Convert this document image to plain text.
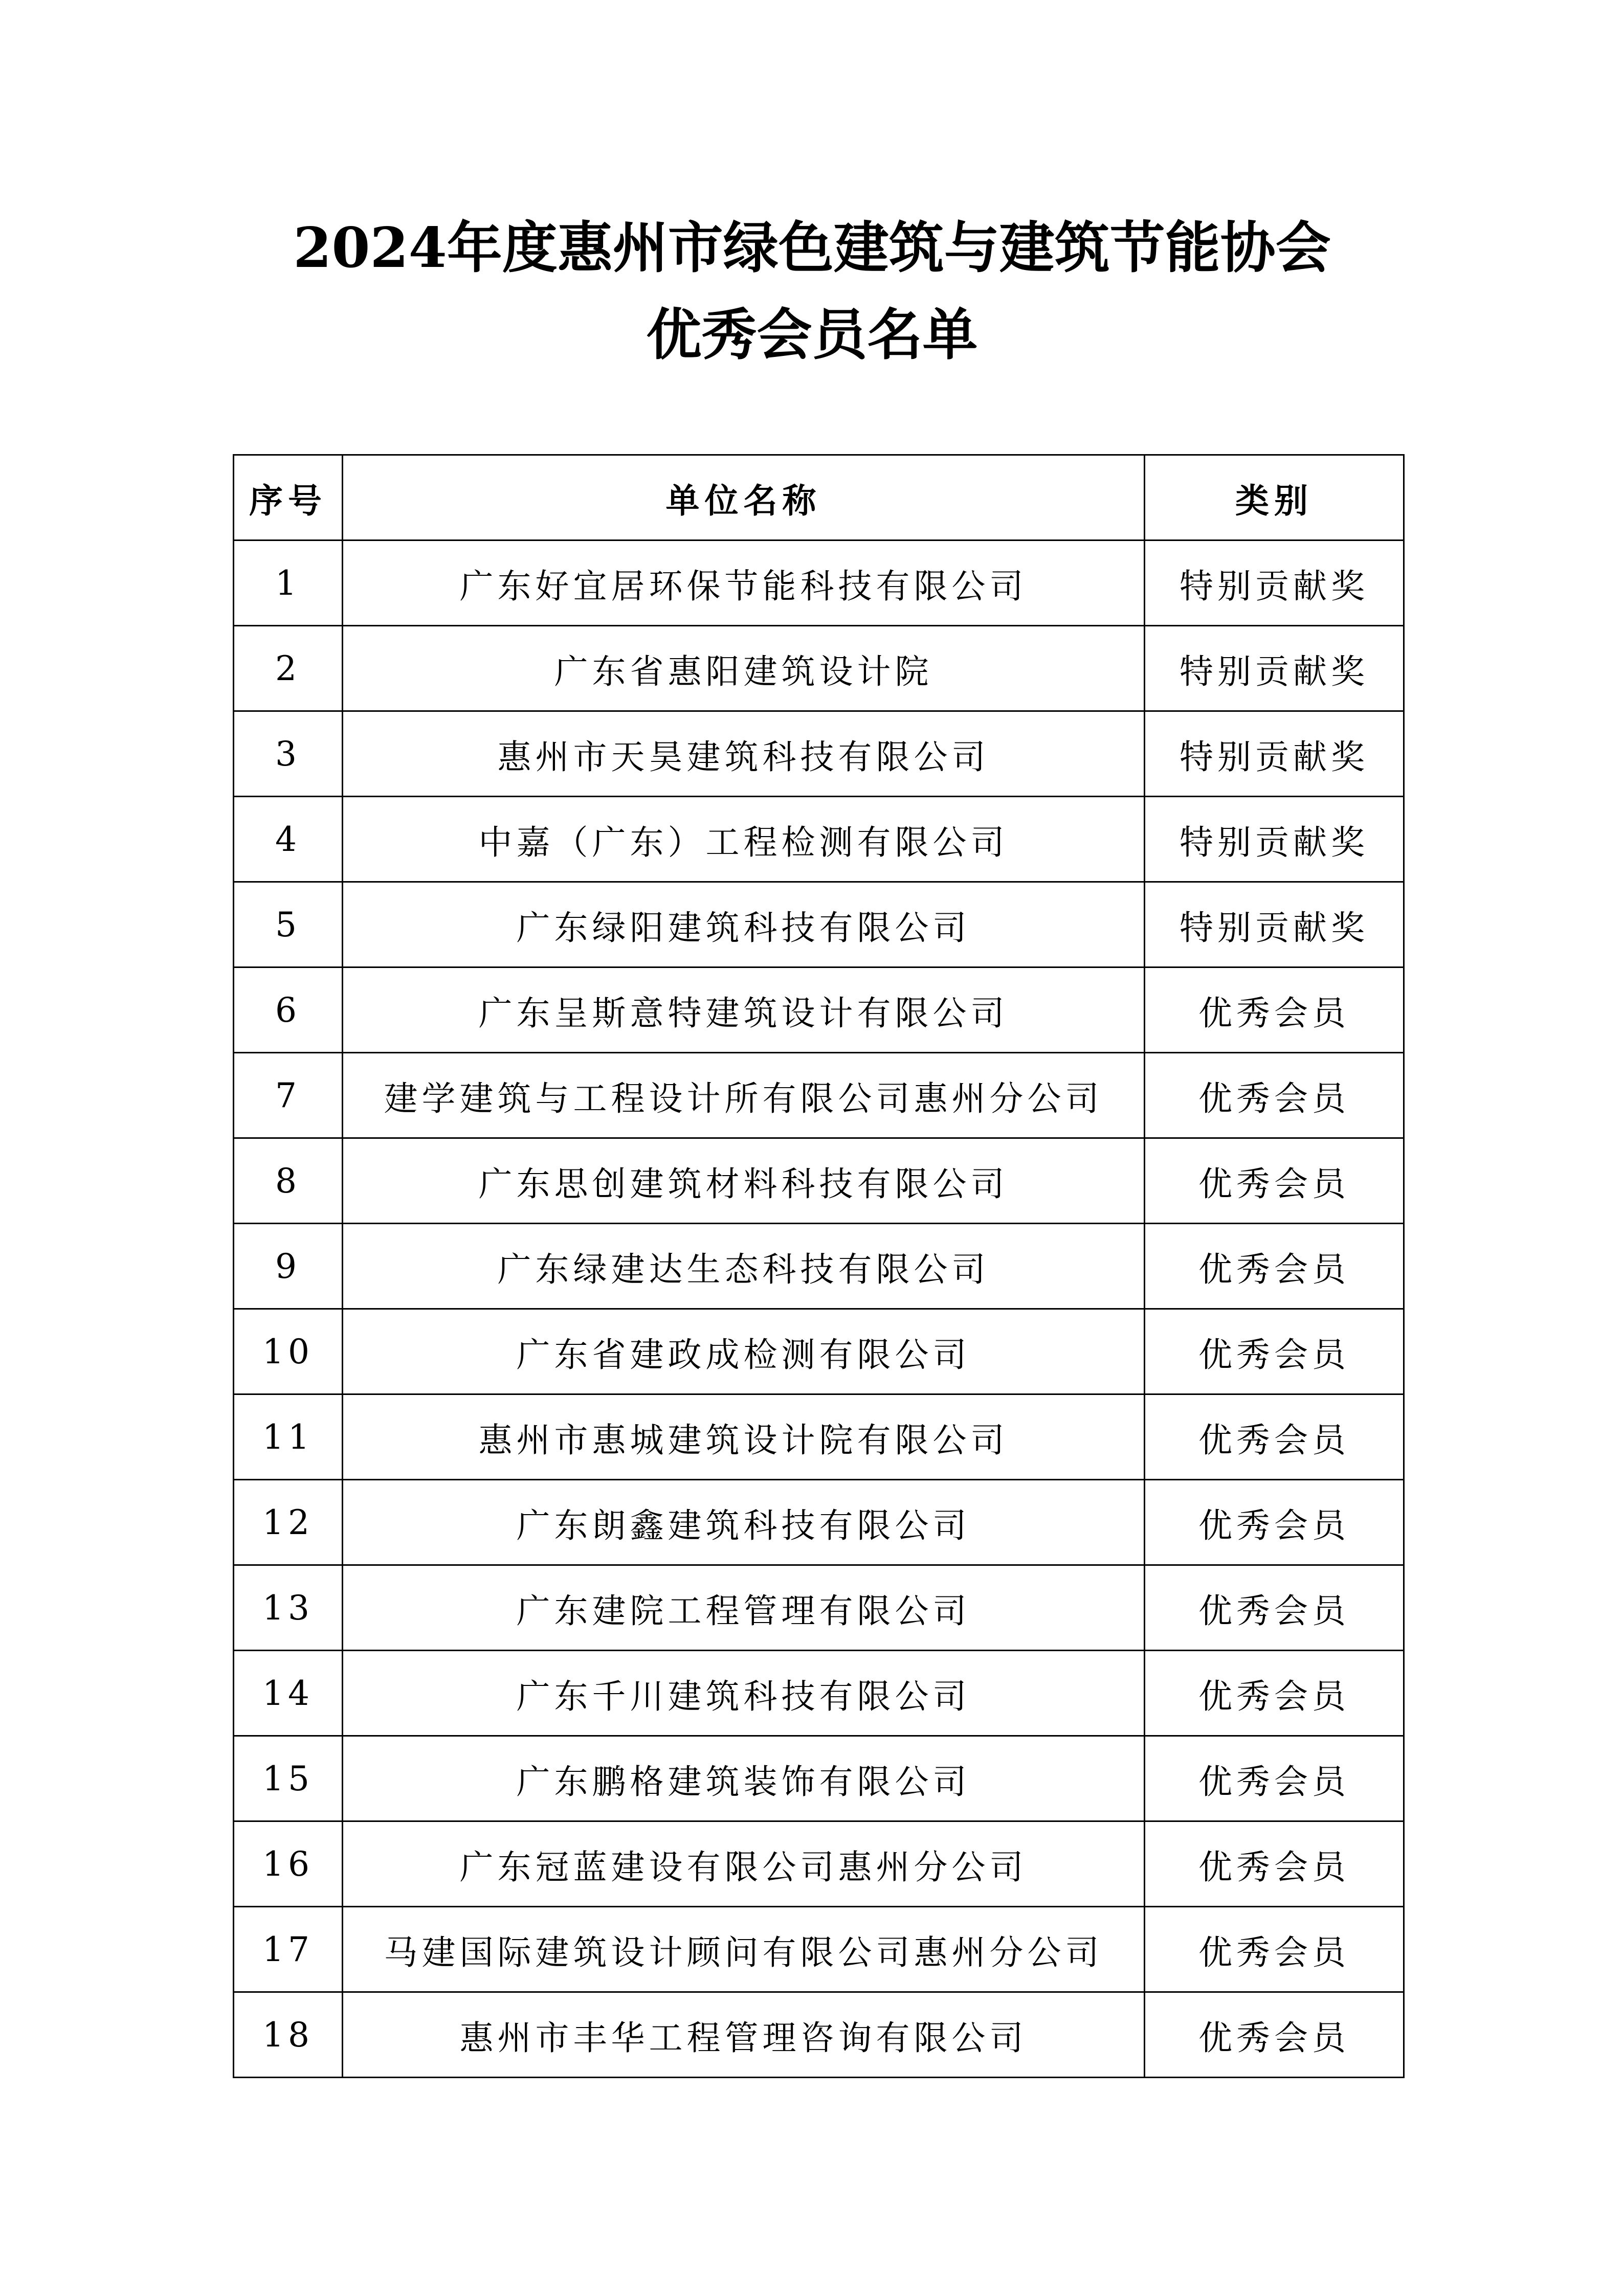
2024年度惠州市绿色建筑与建筑节能协会

优秀会员名单

序号	单位名称	类别
1	广东好宜居环保节能科技有限公司	特别贡献奖
2	广东省惠阳建筑设计院	特别贡献奖
3	惠州市天昊建筑科技有限公司	特别贡献奖
4	中嘉（广东）工程检测有限公司	特别贡献奖
5	广东绿阳建筑科技有限公司	特别贡献奖
6	广东呈斯意特建筑设计有限公司	优秀会员
7	建学建筑与工程设计所有限公司惠州分公司	优秀会员
8	广东思创建筑材料科技有限公司	优秀会员
9	广东绿建达生态科技有限公司	优秀会员
10	广东省建政成检测有限公司	优秀会员
11	惠州市惠城建筑设计院有限公司	优秀会员
12	广东朗鑫建筑科技有限公司	优秀会员
13	广东建院工程管理有限公司	优秀会员
14	广东千川建筑科技有限公司	优秀会员
15	广东鹏格建筑装饰有限公司	优秀会员
16	广东冠蓝建设有限公司惠州分公司	优秀会员
17	马建国际建筑设计顾问有限公司惠州分公司	优秀会员
18	惠州市丰华工程管理咨询有限公司	优秀会员
